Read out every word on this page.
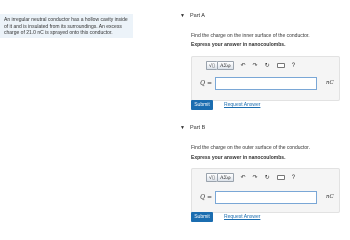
An irregular neutral conductor has a hollow cavity inside of it and is insulated from its surroundings. An excess charge of 21.0 nC is sprayed onto this conductor.
▼ Part A
Find the charge on the inner surface of the conductor.
Express your answer in nanocoulombs.
√▯ ΑΣφ ↶ ↷ ↻	?
Q =	nC
Submit	Request Answer
▼ Part B
Find the charge on the outer surface of the conductor.
Express your answer in nanocoulombs.
√▯ ΑΣφ ↶ ↷ ↻	?
Q =	nC
Submit	Request Answer
